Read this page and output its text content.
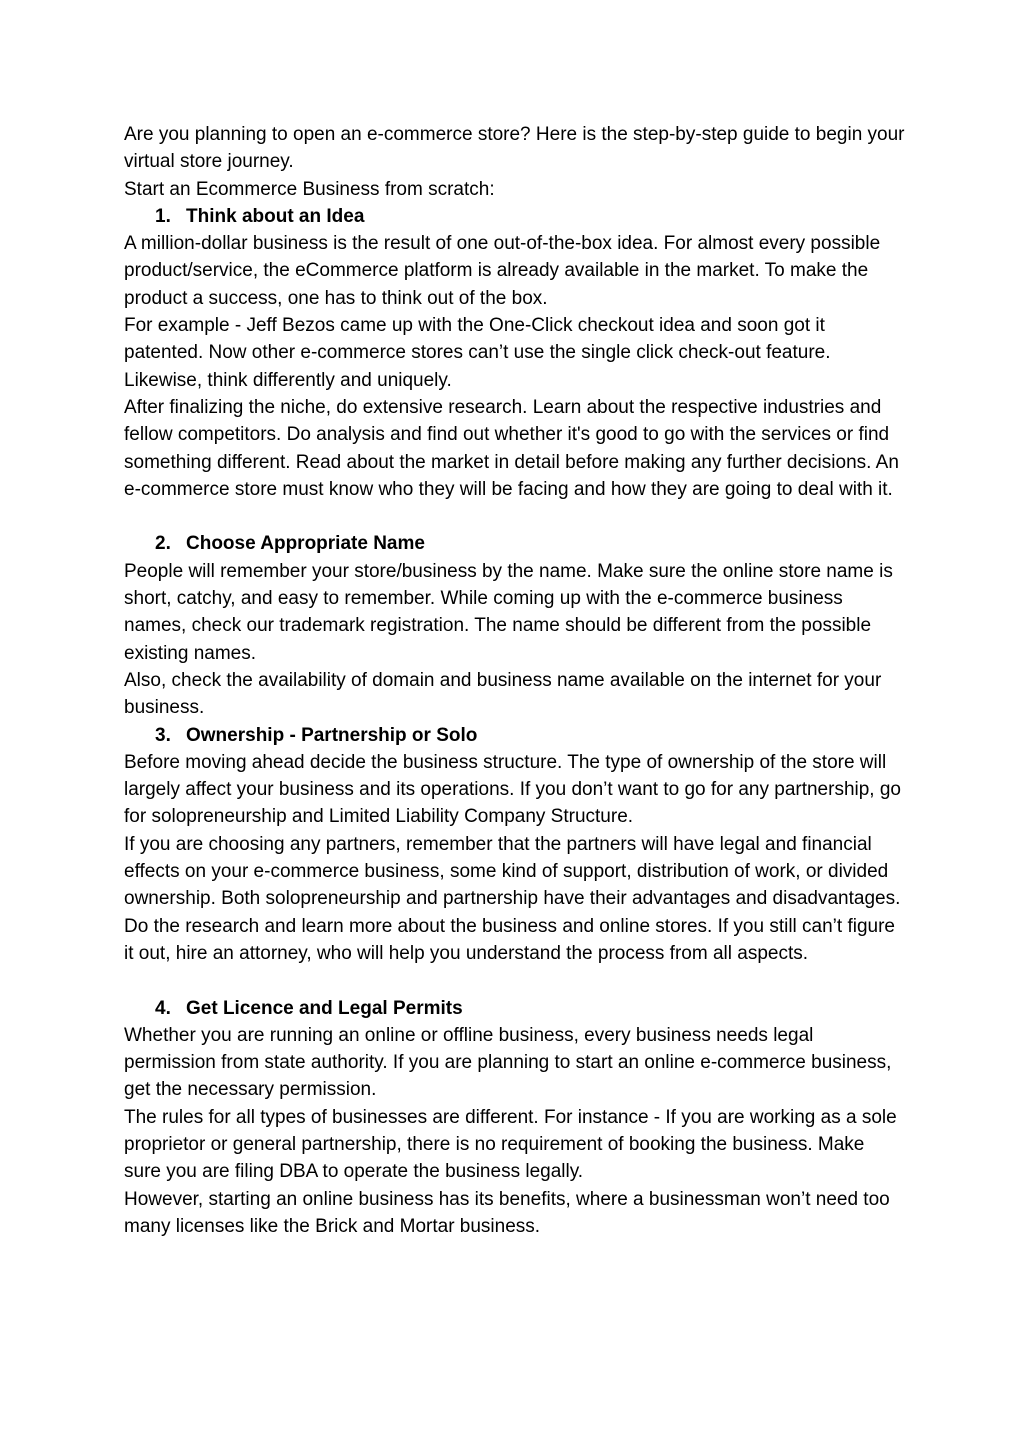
Are you planning to open an e-commerce store? Here is the step-by-step guide to begin your virtual store journey.

Start an Ecommerce Business from scratch:

1. Think about an Idea

A million-dollar business is the result of one out-of-the-box idea. For almost every possible product/service, the eCommerce platform is already available in the market. To make the product a success, one has to think out of the box.

For example - Jeff Bezos came up with the One-Click checkout idea and soon got it patented. Now other e-commerce stores can’t use the single click check-out feature. Likewise, think differently and uniquely.

After finalizing the niche, do extensive research. Learn about the respective industries and fellow competitors. Do analysis and find out whether it's good to go with the services or find something different. Read about the market in detail before making any further decisions. An e-commerce store must know who they will be facing and how they are going to deal with it.

2. Choose Appropriate Name

People will remember your store/business by the name. Make sure the online store name is short, catchy, and easy to remember. While coming up with the e-commerce business names, check our trademark registration. The name should be different from the possible existing names.

Also, check the availability of domain and business name available on the internet for your business.

3. Ownership - Partnership or Solo

Before moving ahead decide the business structure. The type of ownership of the store will largely affect your business and its operations. If you don’t want to go for any partnership, go for solopreneurship and Limited Liability Company Structure.

If you are choosing any partners, remember that the partners will have legal and financial effects on your e-commerce business, some kind of support, distribution of work, or divided ownership. Both solopreneurship and partnership have their advantages and disadvantages. Do the research and learn more about the business and online stores. If you still can’t figure it out, hire an attorney, who will help you understand the process from all aspects.

4. Get Licence and Legal Permits

Whether you are running an online or offline business, every business needs legal permission from state authority. If you are planning to start an online e-commerce business, get the necessary permission.

The rules for all types of businesses are different. For instance - If you are working as a sole proprietor or general partnership, there is no requirement of booking the business. Make sure you are filing DBA to operate the business legally.

However, starting an online business has its benefits, where a businessman won’t need too many licenses like the Brick and Mortar business.
